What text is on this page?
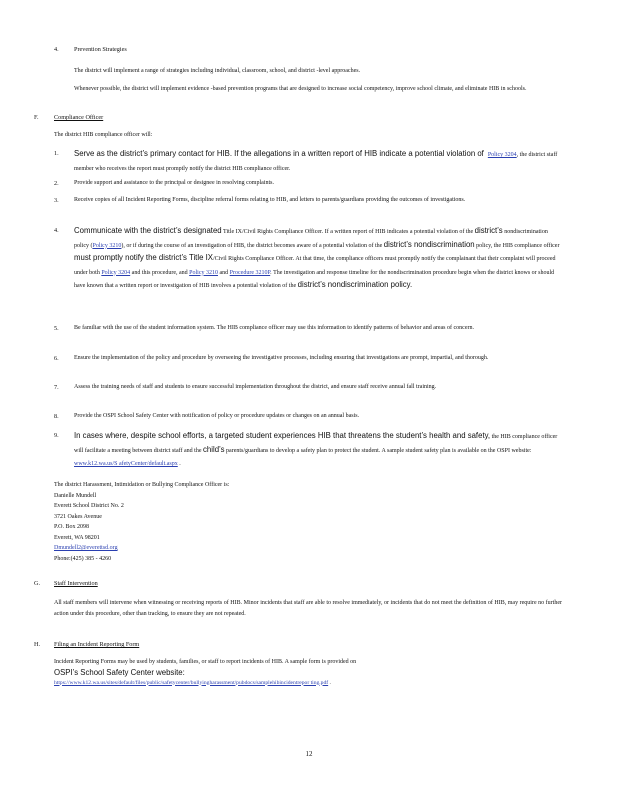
4. Prevention Strategies
The district will implement a range of strategies including individual, classroom, school, and district -level approaches.
Whenever possible, the district will implement evidence -based prevention programs that are designed to increase social competency, improve school climate, and eliminate HIB in schools.
F.	Compliance Officer
The district HIB compliance officer will:
1. Serve as the district’s primary contact for HIB. If the allegations in a written report of HIB indicate a potential violation of Policy 3204, the district staff member who receives the report must promptly notify the district HIB compliance officer.
2.	Provide support and assistance to the principal or designee in resolving complaints.
3.	Receive copies of all Incident Reporting Forms, discipline referral forms relating to HIB, and letters to parents/guardians providing the outcomes of investigations.
4. Communicate with the district’s designated Title IX/Civil Rights Compliance Officer. If a written report of HIB indicates a potential violation of the district’s nondiscrimination policy (Policy 3210), or if during the course of an investigation of HIB, the district becomes aware of a potential violation of the district’s nondiscrimination policy, the HIB compliance officer must promptly notify the district’s Title IX/Civil Rights Compliance Officer. At that time, the compliance officers must promptly notify the complainant that their complaint will proceed under both Policy 3204 and this procedure, and Policy 3210 and Procedure 3210P. The investigation and response timeline for the nondiscrimination procedure begin when the district knows or should have known that a written report or investigation of HIB involves a potential violation of the district’s nondiscrimination policy.
5.	Be familiar with the use of the student information system. The HIB compliance officer may use this information to identify patterns of behavior and areas of concern.
6.	Ensure the implementation of the policy and procedure by overseeing the investigative processes, including ensuring that investigations are prompt, impartial, and thorough.
7.	Assess the training needs of staff and students to ensure successful implementation throughout the district, and ensure staff receive annual fall training.
8.	Provide the OSPI School Safety Center with notification of policy or procedure updates or changes on an annual basis.
9. In cases where, despite school efforts, a targeted student experiences HIB that threatens the student’s health and safety, the HIB compliance officer will facilitate a meeting between district staff and the child’s parents/guardians to develop a safety plan to protect the student. A sample student safety plan is available on the OSPI website:
www.k12.wa.us/S afetyCenter/default.aspx .
The district Harassment, Intimidation or Bullying Compliance Officer is:
Danielle Mundell
Everett School District No. 2
3721 Oakes Avenue
P.O. Box 2098
Everett, WA 98201
Dmundell2@everettsd.org
Phone:(425) 385 - 4260
G. Staff Intervention
All staff members will intervene when witnessing or receiving reports of HIB. Minor incidents that staff are able to resolve immediately, or incidents that do not meet the definition of HIB, may require no further action under this procedure, other than tracking, to ensure they are not repeated.
H. Filing an Incident Reporting Form
Incident Reporting Forms may be used by students, families, or staff to report incidents of HIB. A sample form is provided on
OSPI’s School Safety Center website:
https://www.k12.wa.us/sites/default/files/public/safetycenter/bullyingharassment/pubdocs/samplehibincidentrepor ting.pdf .
12
